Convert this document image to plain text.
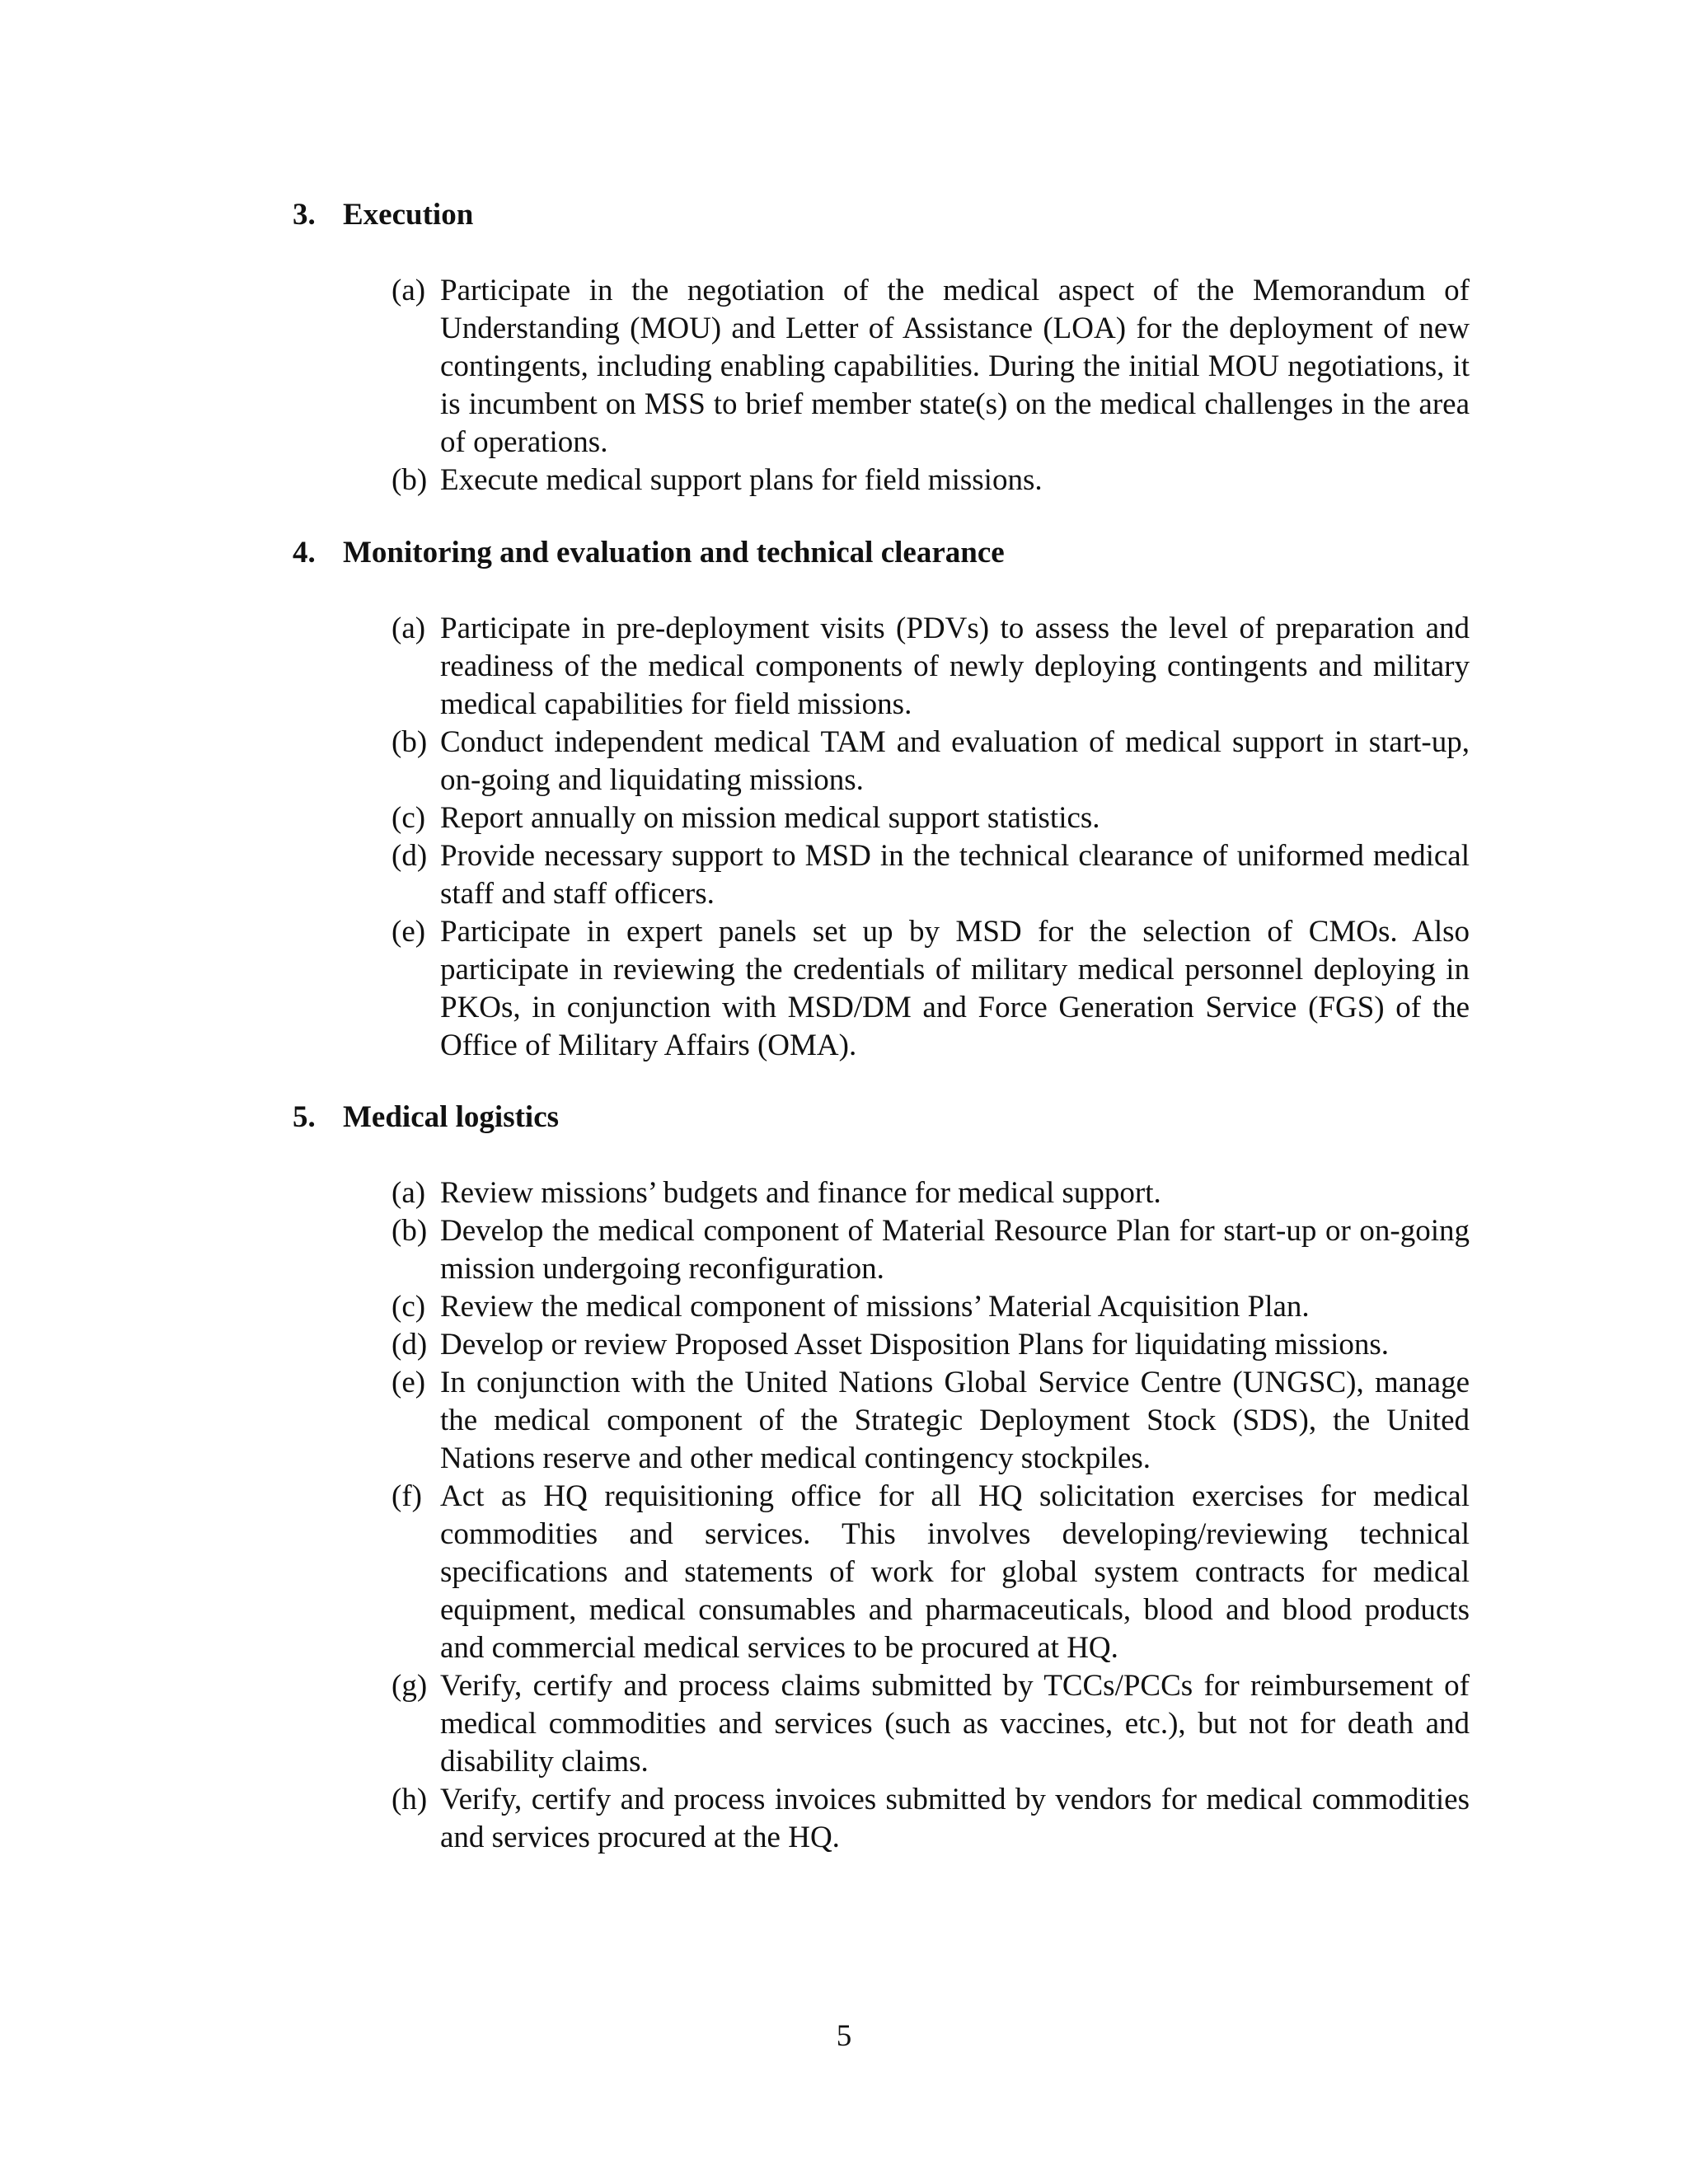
3. Execution
(a) Participate in the negotiation of the medical aspect of the Memorandum of Understanding (MOU) and Letter of Assistance (LOA) for the deployment of new contingents, including enabling capabilities. During the initial MOU negotiations, it is incumbent on MSS to brief member state(s) on the medical challenges in the area of operations.
(b) Execute medical support plans for field missions.
4. Monitoring and evaluation and technical clearance
(a) Participate in pre-deployment visits (PDVs) to assess the level of preparation and readiness of the medical components of newly deploying contingents and military medical capabilities for field missions.
(b) Conduct independent medical TAM and evaluation of medical support in start-up, on-going and liquidating missions.
(c) Report annually on mission medical support statistics.
(d) Provide necessary support to MSD in the technical clearance of uniformed medical staff and staff officers.
(e) Participate in expert panels set up by MSD for the selection of CMOs. Also participate in reviewing the credentials of military medical personnel deploying in PKOs, in conjunction with MSD/DM and Force Generation Service (FGS) of the Office of Military Affairs (OMA).
5. Medical logistics
(a) Review missions’ budgets and finance for medical support.
(b) Develop the medical component of Material Resource Plan for start-up or on-going mission undergoing reconfiguration.
(c) Review the medical component of missions’ Material Acquisition Plan.
(d) Develop or review Proposed Asset Disposition Plans for liquidating missions.
(e) In conjunction with the United Nations Global Service Centre (UNGSC), manage the medical component of the Strategic Deployment Stock (SDS), the United Nations reserve and other medical contingency stockpiles.
(f) Act as HQ requisitioning office for all HQ solicitation exercises for medical commodities and services. This involves developing/reviewing technical specifications and statements of work for global system contracts for medical equipment, medical consumables and pharmaceuticals, blood and blood products and commercial medical services to be procured at HQ.
(g) Verify, certify and process claims submitted by TCCs/PCCs for reimbursement of medical commodities and services (such as vaccines, etc.), but not for death and disability claims.
(h) Verify, certify and process invoices submitted by vendors for medical commodities and services procured at the HQ.
5
